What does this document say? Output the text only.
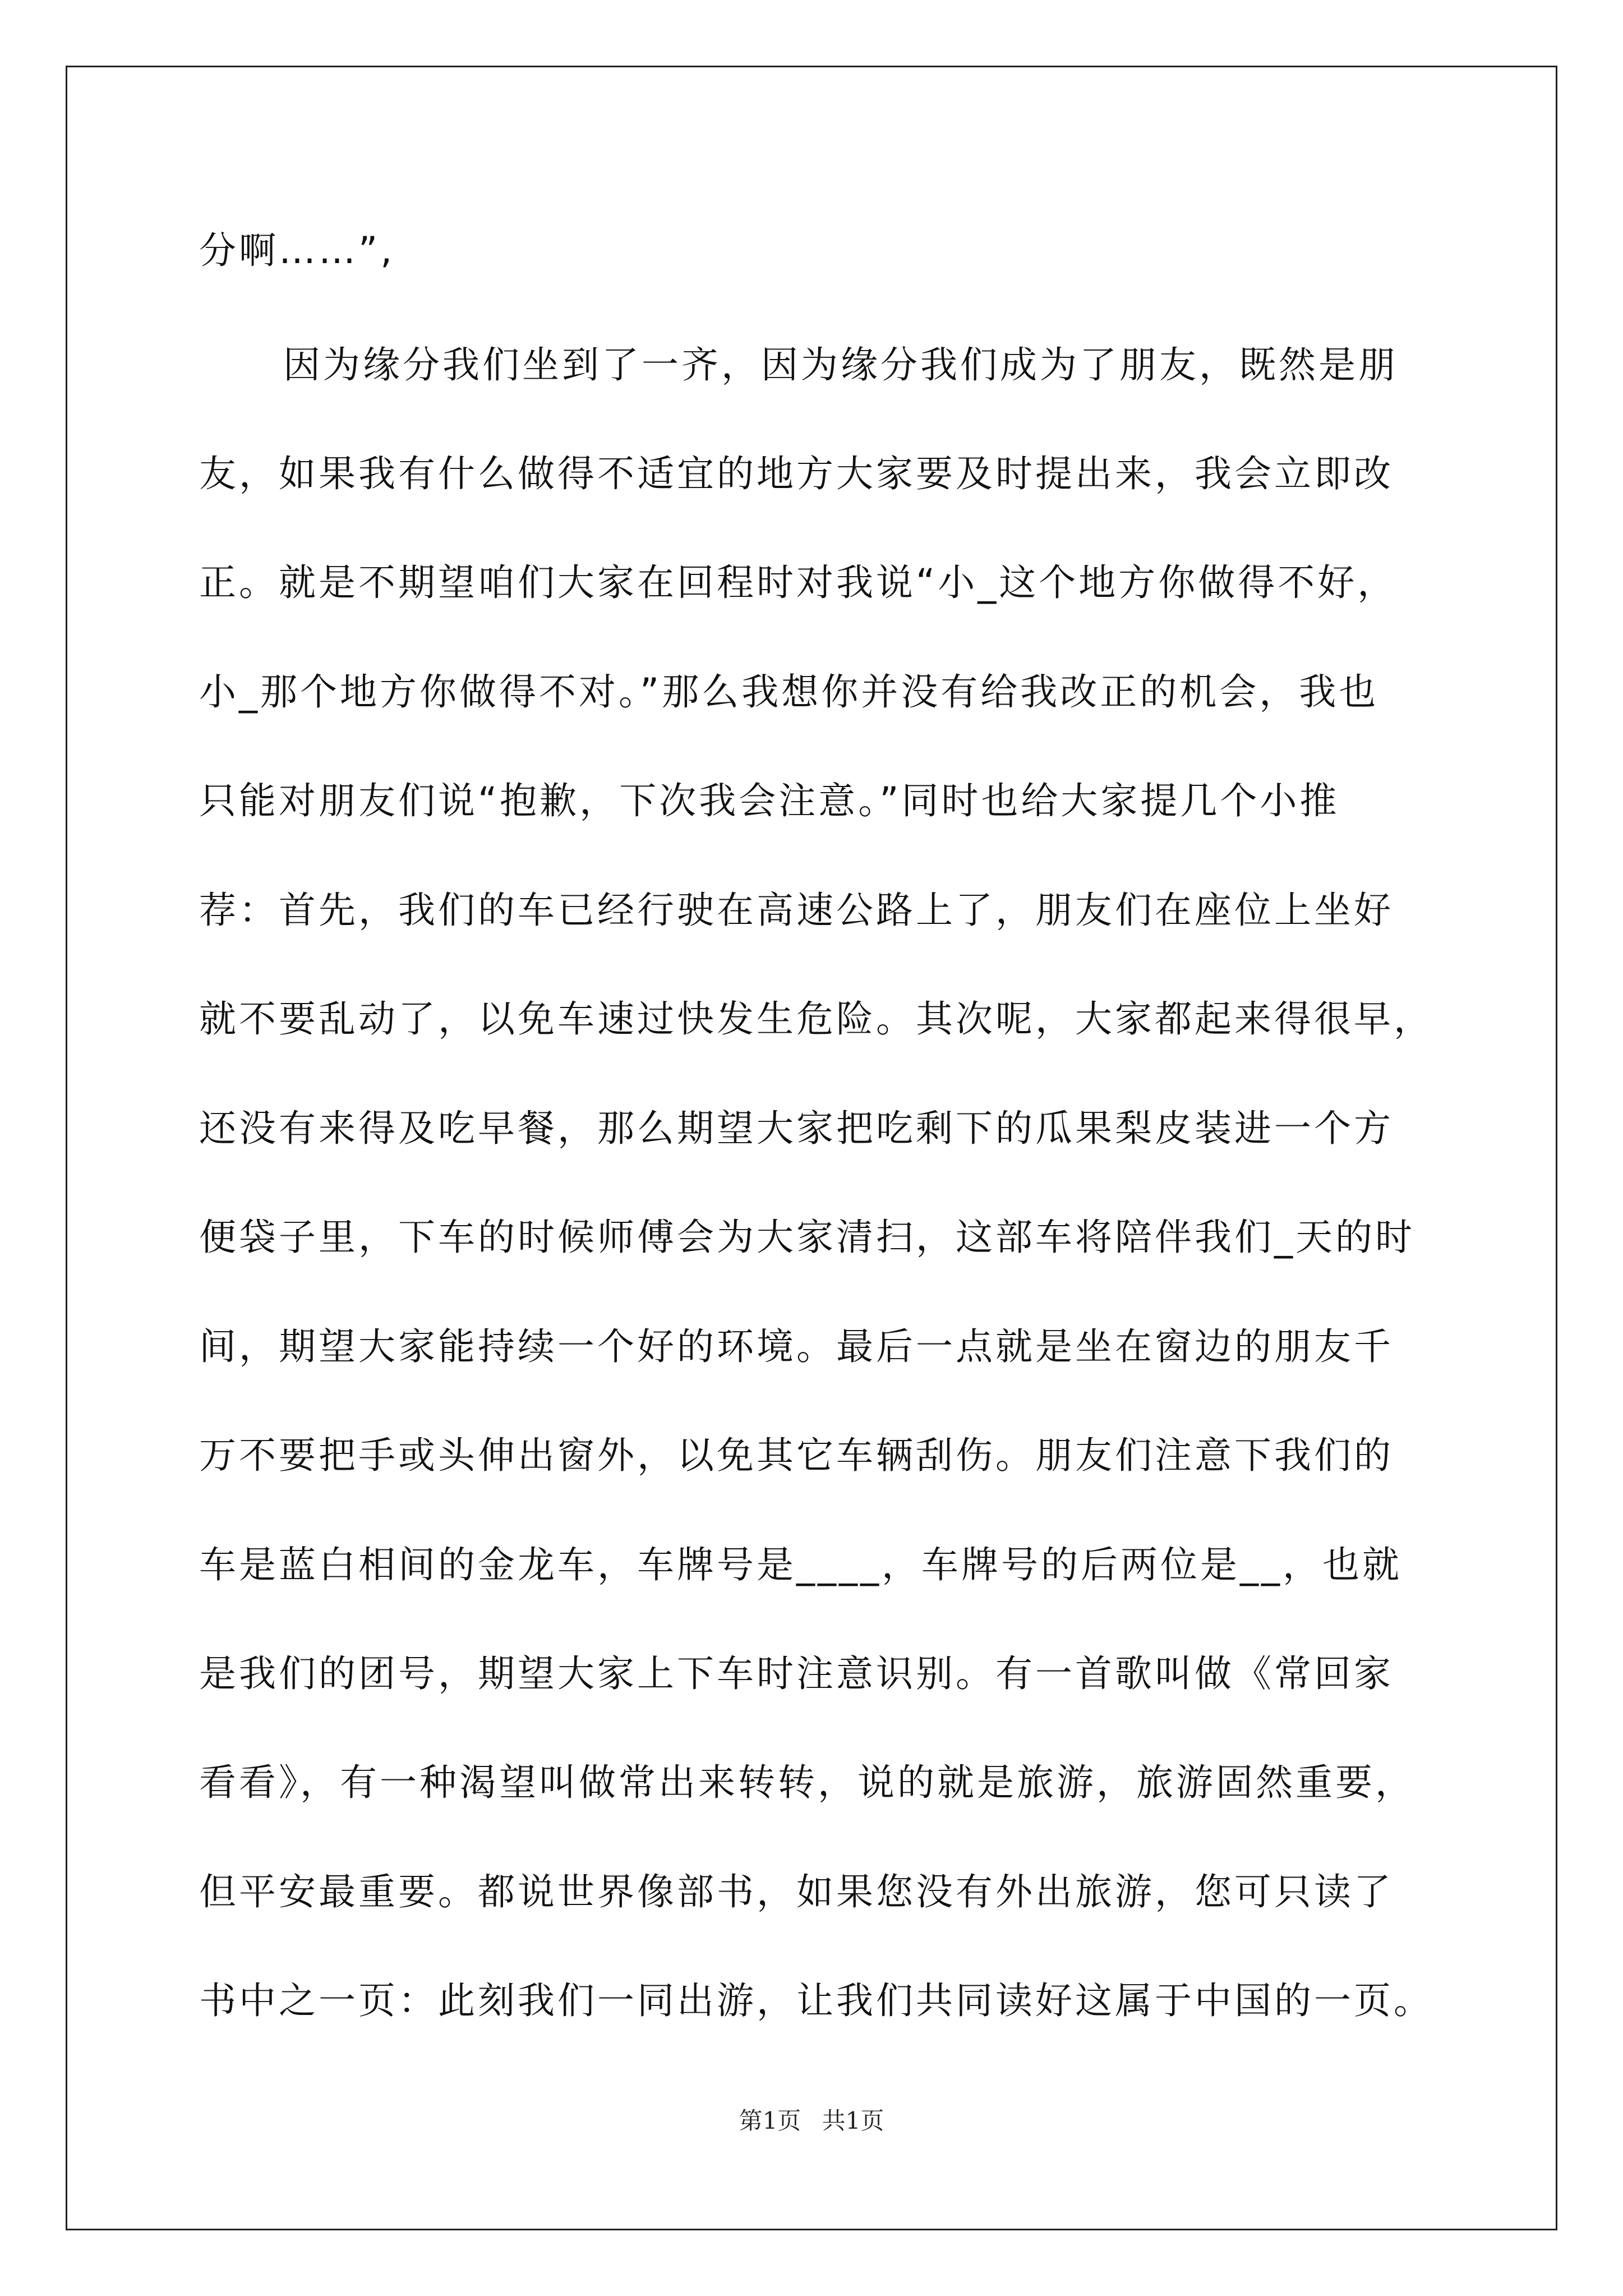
分啊……”,

因为缘分我们坐到了一齐，因为缘分我们成为了朋友，既然是朋

友，如果我有什么做得不适宜的地方大家要及时提出来，我会立即改

正。就是不期望咱们大家在回程时对我说“小_这个地方你做得不好，

小_那个地方你做得不对。”那么我想你并没有给我改正的机会，我也

只能对朋友们说“抱歉，下次我会注意。”同时也给大家提几个小推

荐：首先，我们的车已经行驶在高速公路上了，朋友们在座位上坐好

就不要乱动了，以免车速过快发生危险。其次呢，大家都起来得很早，

还没有来得及吃早餐，那么期望大家把吃剩下的瓜果梨皮装进一个方

便袋子里，下车的时候师傅会为大家清扫，这部车将陪伴我们_天的时

间，期望大家能持续一个好的环境。最后一点就是坐在窗边的朋友千

万不要把手或头伸出窗外，以免其它车辆刮伤。朋友们注意下我们的

车是蓝白相间的金龙车，车牌号是____，车牌号的后两位是__，也就

是我们的团号，期望大家上下车时注意识别。有一首歌叫做《常回家

看看》，有一种渴望叫做常出来转转，说的就是旅游，旅游固然重要，

但平安最重要。都说世界像部书，如果您没有外出旅游，您可只读了

书中之一页：此刻我们一同出游，让我们共同读好这属于中国的一页。

第1页 共1页
